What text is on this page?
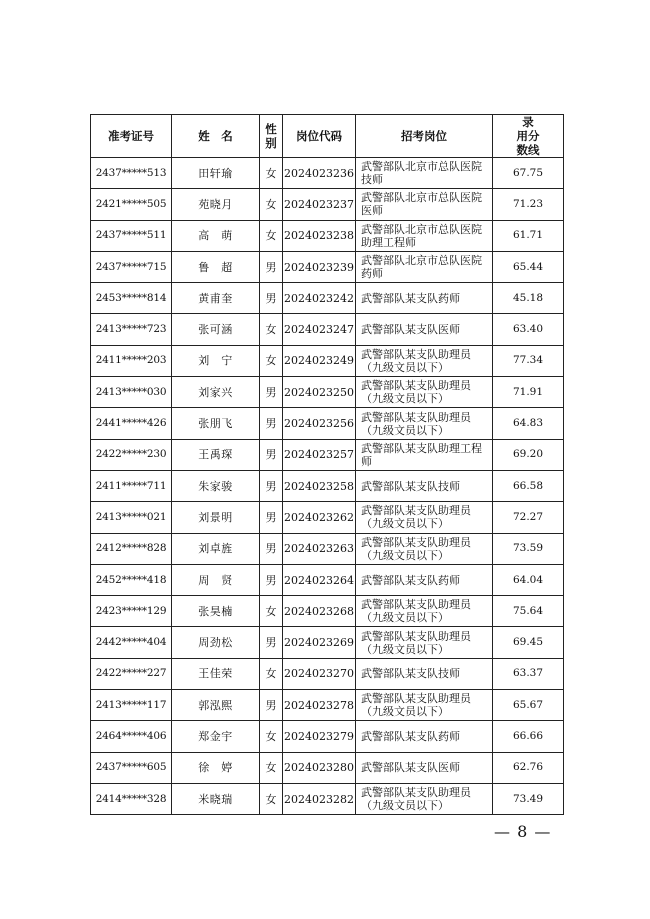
准考证号	姓　名	性别	岗位代码	招考岗位	录　用分数线
2437*****513	田轩瑜	女	2024023236	武警部队北京市总队医院技师	67.75
2421*****505	苑晓月	女	2024023237	武警部队北京市总队医院医师	71.23
2437*****511	高　萌	女	2024023238	武警部队北京市总队医院助理工程师	61.71
2437*****715	鲁　超	男	2024023239	武警部队北京市总队医院药师	65.44
2453*****814	黄甫奎	男	2024023242	武警部队某支队药师	45.18
2413*****723	张可涵	女	2024023247	武警部队某支队医师	63.40
2411*****203	刘　宁	女	2024023249	武警部队某支队助理员（九级文员以下）	77.34
2413*****030	刘家兴	男	2024023250	武警部队某支队助理员（九级文员以下）	71.91
2441*****426	张朋飞	男	2024023256	武警部队某支队助理员（九级文员以下）	64.83
2422*****230	王禹琛	男	2024023257	武警部队某支队助理工程师	69.20
2411*****711	朱家骏	男	2024023258	武警部队某支队技师	66.58
2413*****021	刘景明	男	2024023262	武警部队某支队助理员（九级文员以下）	72.27
2412*****828	刘卓旌	男	2024023263	武警部队某支队助理员（九级文员以下）	73.59
2452*****418	周　贤	男	2024023264	武警部队某支队药师	64.04
2423*****129	张昊楠	女	2024023268	武警部队某支队助理员（九级文员以下）	75.64
2442*****404	周劲松	男	2024023269	武警部队某支队助理员（九级文员以下）	69.45
2422*****227	王佳荣	女	2024023270	武警部队某支队技师	63.37
2413*****117	郭泓熙	男	2024023278	武警部队某支队助理员（九级文员以下）	65.67
2464*****406	郑金宇	女	2024023279	武警部队某支队药师	66.66
2437*****605	徐　婷	女	2024023280	武警部队某支队医师	62.76
2414*****328	米晓瑞	女	2024023282	武警部队某支队助理员（九级文员以下）	73.49
— 8 —
